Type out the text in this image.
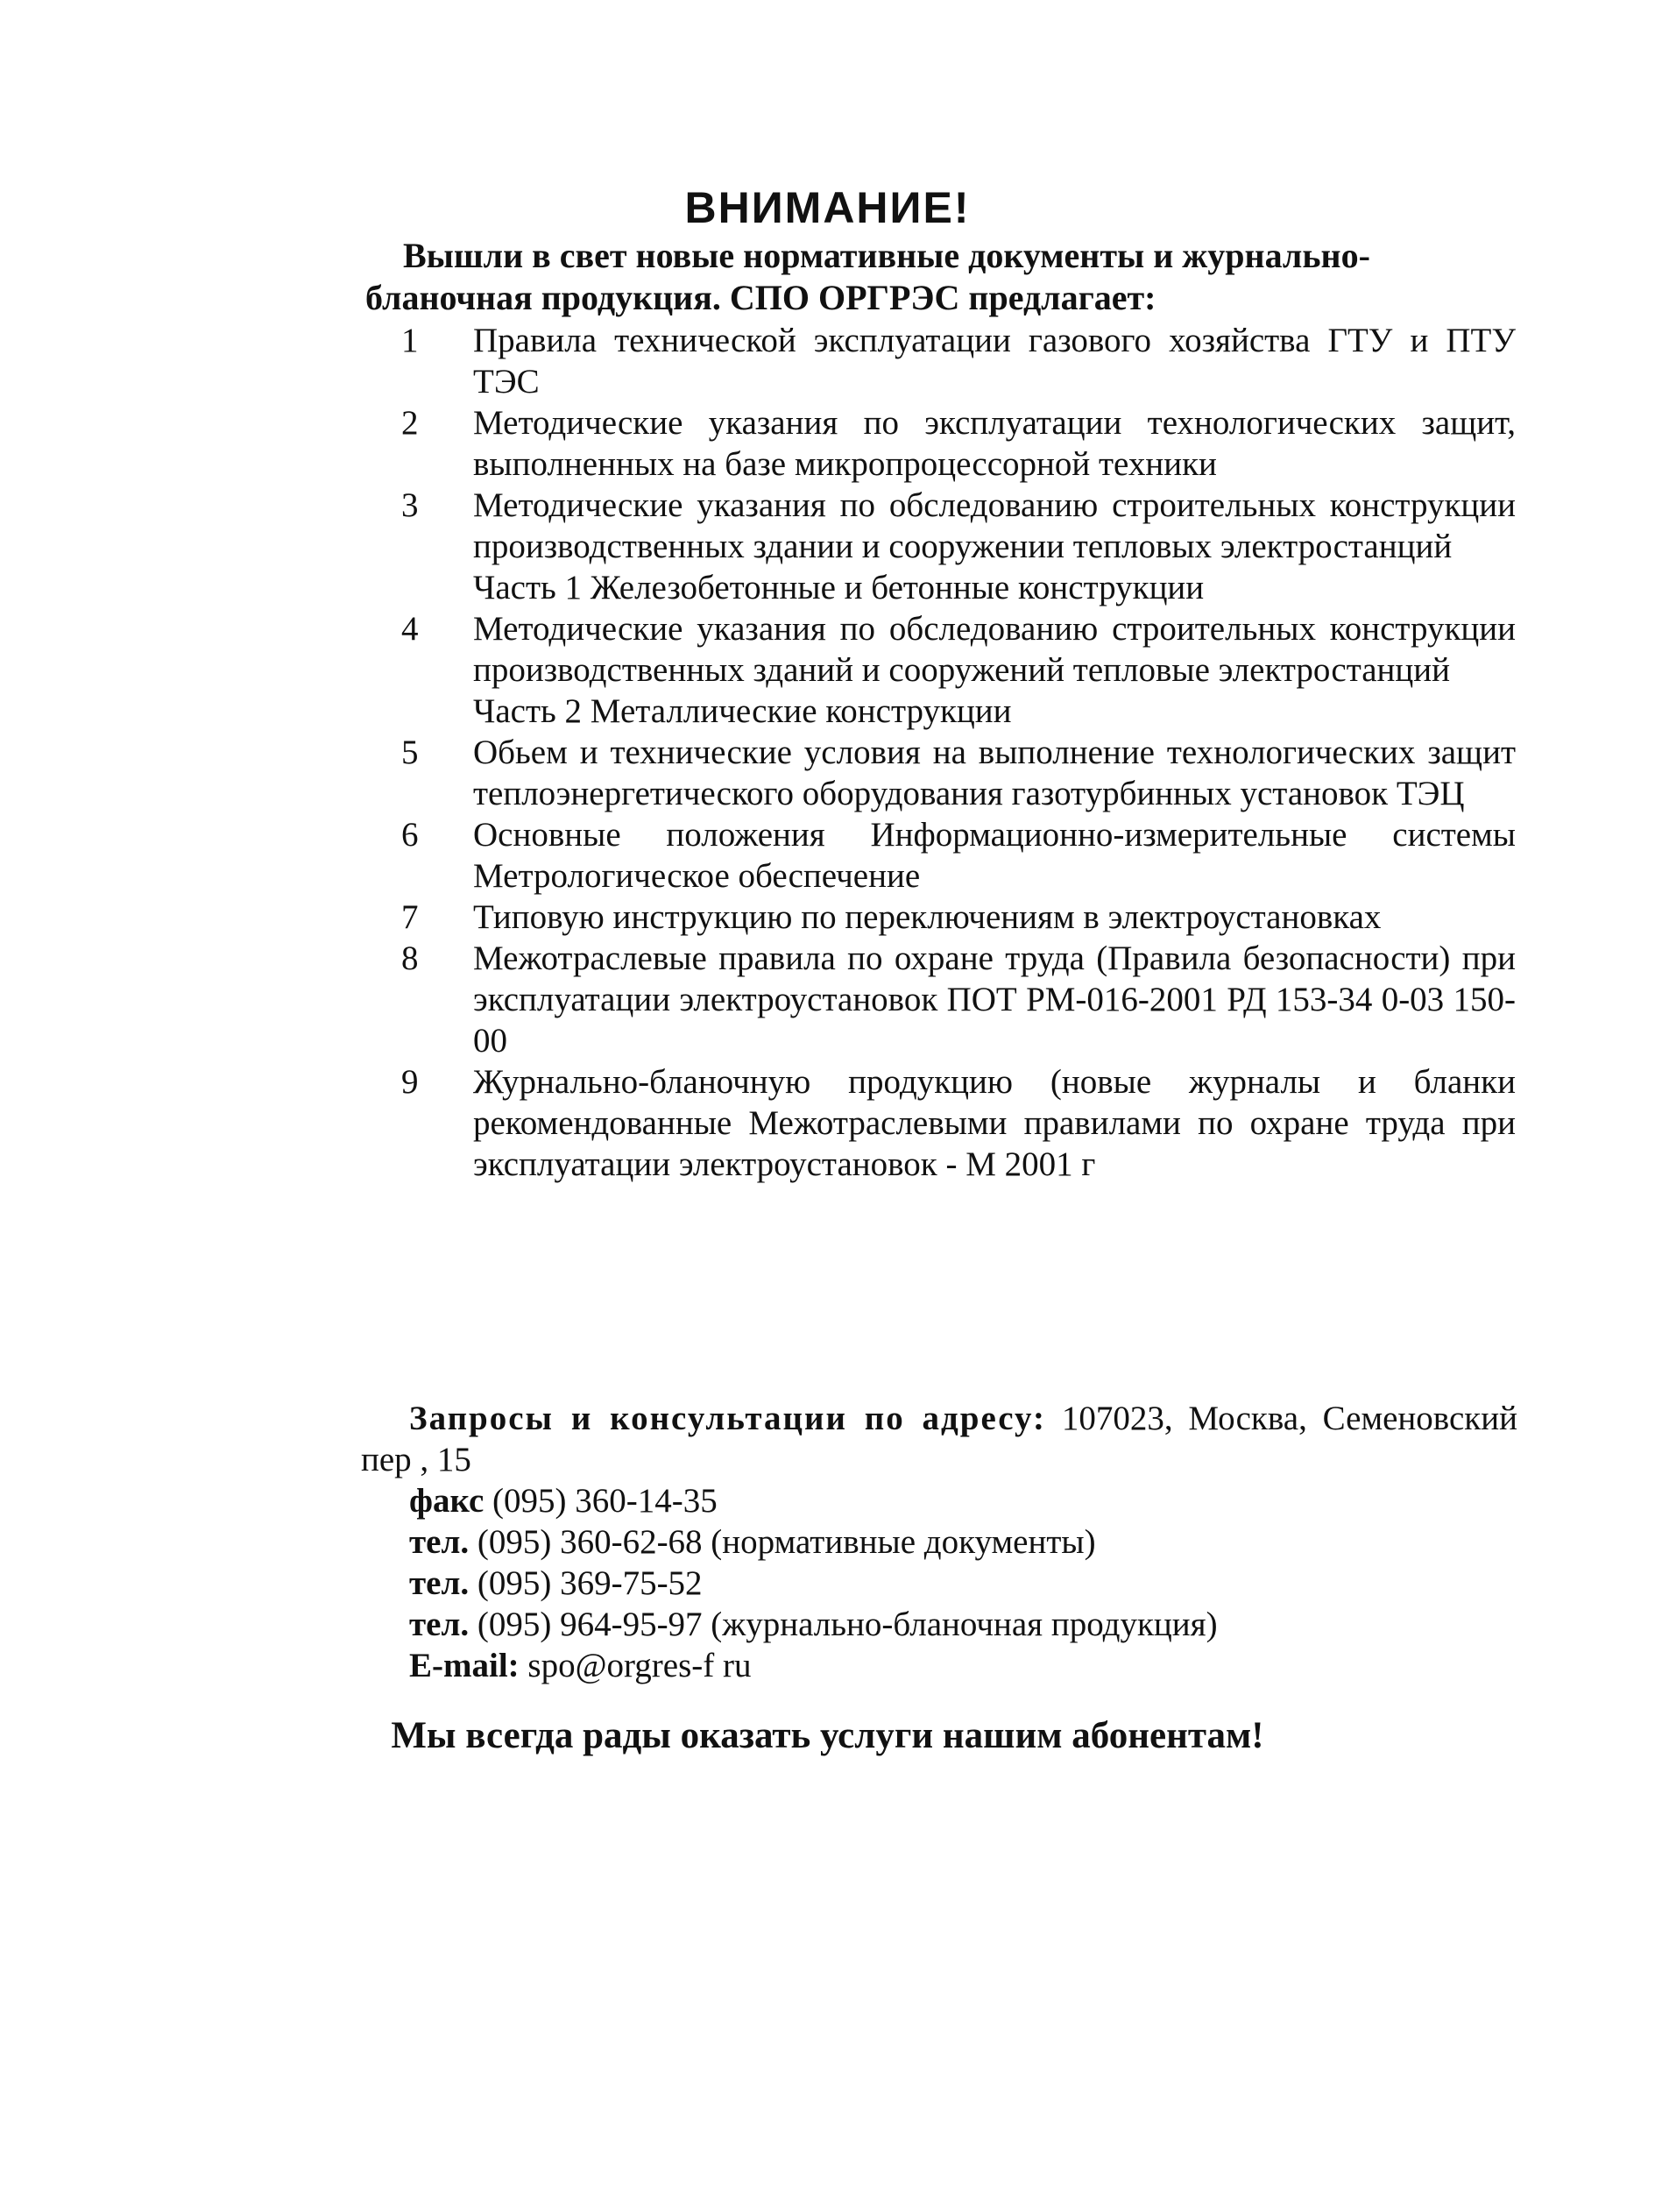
ВНИМАНИЕ!

Вышли в свет новые нормативные документы и журнально-
бланочная продукция. СПО ОРГРЭС предлагает:

1	Правила технической эксплуатации газового хозяйства ГТУ и ПТУ ТЭС
2	Методические указания по эксплуатации технологических защит, выполненных на базе микропроцессорной техники
3	Методические указания по обследованию строительных конструкции производственных здании и сооружении тепловых электростанций
Часть 1 Железобетонные и бетонные конструкции
4	Методические указания по обследованию строительных конструкции производственных зданий и сооружений тепловые электростанций
Часть 2 Металлические конструкции
5	Обьем и технические условия на выполнение технологических защит теплоэнергетического оборудования газотурбинных установок ТЭЦ
6	Основные положения Информационно-измерительные системы Метрологическое обеспечение
7	Типовую инструкцию по переключениям в электроустановках
8	Межотраслевые правила по охране труда (Правила безопасности) при эксплуатации электроустановок ПОТ РМ-016-2001 РД 153-34 0-03 150-00
9	Журнально-бланочную продукцию (новые журналы и бланки рекомендованные Межотраслевыми правилами по охране труда при эксплуатации электроустановок - М 2001 г
Запросы и консультации по адресу: 107023, Москва, Семеновский пер , 15
факс (095) 360-14-35
тел. (095) 360-62-68 (нормативные документы)
тел. (095) 369-75-52
тел. (095) 964-95-97 (журнально-бланочная продукция)
E-mail: spo@orgres-f ru

Мы всегда рады оказать услуги нашим абонентам!
